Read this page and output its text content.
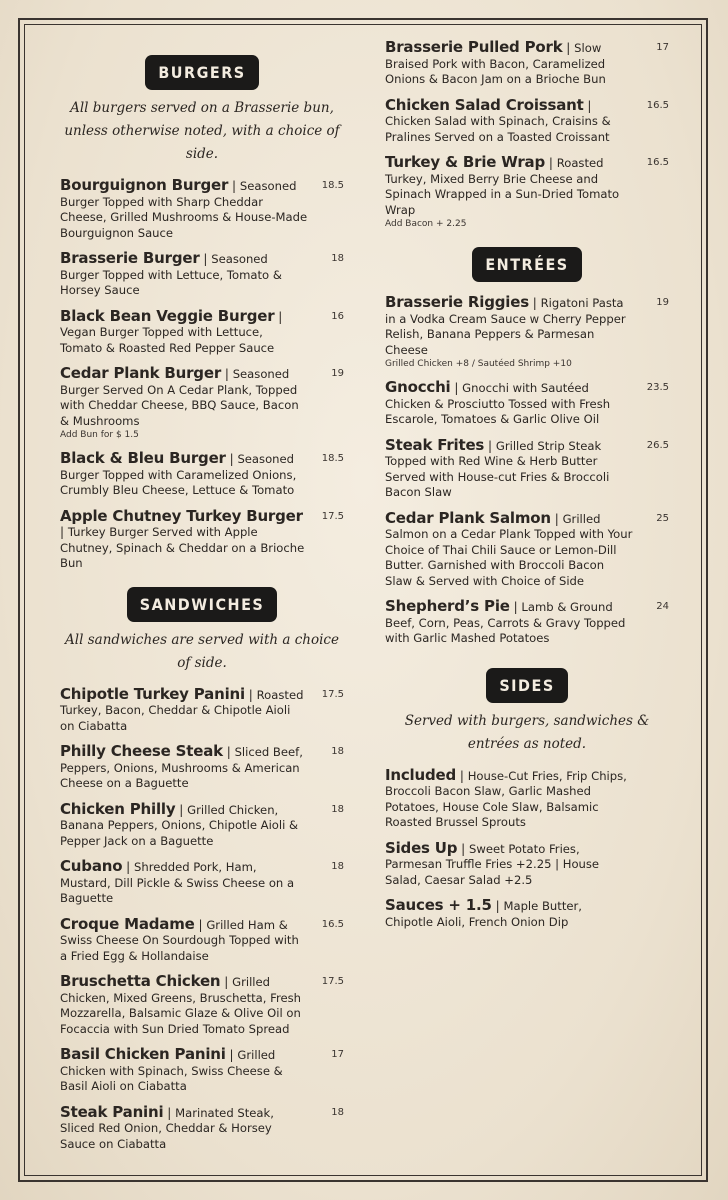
BURGERS
All burgers served on a Brasserie bun, unless otherwise noted, with a choice of side.
Bourguignon Burger | Seasoned Burger Topped with Sharp Cheddar Cheese, Grilled Mushrooms & House-Made Bourguignon Sauce
18.5
Brasserie Burger | Seasoned Burger Topped with Lettuce, Tomato & Horsey Sauce
18
Black Bean Veggie Burger | Vegan Burger Topped with Lettuce, Tomato & Roasted Red Pepper Sauce
16
Cedar Plank Burger | Seasoned Burger Served On A Cedar Plank, Topped with Cheddar Cheese, BBQ Sauce, Bacon & Mushrooms
Add Bun for $ 1.5
19
Black & Bleu Burger | Seasoned Burger Topped with Caramelized Onions, Crumbly Bleu Cheese, Lettuce & Tomato
18.5
Apple Chutney Turkey Burger | Turkey Burger Served with Apple Chutney, Spinach & Cheddar on a Brioche Bun
17.5
SANDWICHES
All sandwiches are served with a choice of side.
Chipotle Turkey Panini | Roasted Turkey, Bacon, Cheddar & Chipotle Aioli on Ciabatta
17.5
Philly Cheese Steak | Sliced Beef, Peppers, Onions, Mushrooms & American Cheese on a Baguette
18
Chicken Philly | Grilled Chicken, Banana Peppers, Onions, Chipotle Aioli & Pepper Jack on a Baguette
18
Cubano | Shredded Pork, Ham, Mustard, Dill Pickle & Swiss Cheese on a Baguette
18
Croque Madame | Grilled Ham & Swiss Cheese On Sourdough Topped with a Fried Egg & Hollandaise
16.5
Bruschetta Chicken | Grilled Chicken, Mixed Greens, Bruschetta, Fresh Mozzarella, Balsamic Glaze & Olive Oil on Focaccia with Sun Dried Tomato Spread
17.5
Basil Chicken Panini | Grilled Chicken with Spinach, Swiss Cheese & Basil Aioli on Ciabatta
17
Steak Panini | Marinated Steak, Sliced Red Onion, Cheddar & Horsey Sauce on Ciabatta
18
Brasserie Pulled Pork | Slow Braised Pork with Bacon, Caramelized Onions & Bacon Jam on a Brioche Bun
17
Chicken Salad Croissant | Chicken Salad with Spinach, Craisins & Pralines Served on a Toasted Croissant
16.5
Turkey & Brie Wrap | Roasted Turkey, Mixed Berry Brie Cheese and Spinach Wrapped in a Sun-Dried Tomato Wrap
Add Bacon + 2.25
16.5
ENTRÉES
Brasserie Riggies | Rigatoni Pasta in a Vodka Cream Sauce w Cherry Pepper Relish, Banana Peppers & Parmesan Cheese
Grilled Chicken +8 / Sautéed Shrimp +10
19
Gnocchi | Gnocchi with Sautéed Chicken & Prosciutto Tossed with Fresh Escarole, Tomatoes & Garlic Olive Oil
23.5
Steak Frites | Grilled Strip Steak Topped with Red Wine & Herb Butter Served with House-cut Fries & Broccoli Bacon Slaw
26.5
Cedar Plank Salmon | Grilled Salmon on a Cedar Plank Topped with Your Choice of Thai Chili Sauce or Lemon-Dill Butter. Garnished with Broccoli Bacon Slaw & Served with Choice of Side
25
Shepherd’s Pie | Lamb & Ground Beef, Corn, Peas, Carrots & Gravy Topped with Garlic Mashed Potatoes
24
SIDES
Served with burgers, sandwiches & entrées as noted.
Included | House-Cut Fries, Frip Chips, Broccoli Bacon Slaw, Garlic Mashed Potatoes, House Cole Slaw, Balsamic Roasted Brussel Sprouts
Sides Up | Sweet Potato Fries, Parmesan Truffle Fries +2.25 | House Salad, Caesar Salad +2.5
Sauces + 1.5 | Maple Butter, Chipotle Aioli, French Onion Dip
